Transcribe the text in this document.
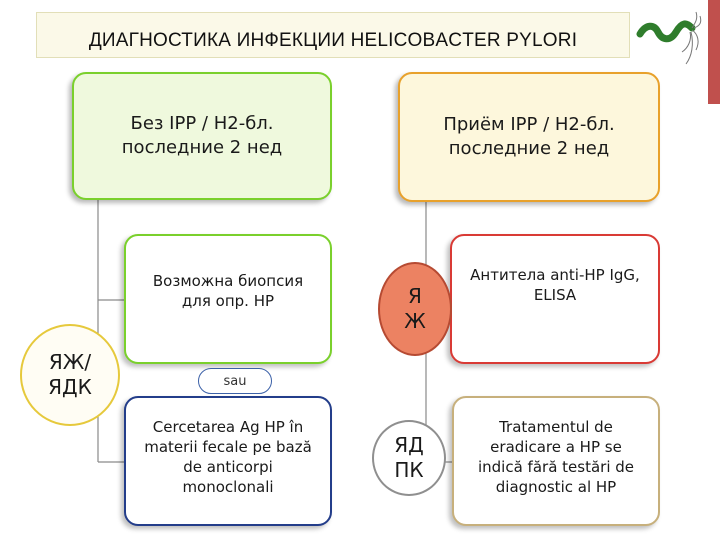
ДИАГНОСТИКА ИНФЕКЦИИ HELICOBACTER PYLORI
Без IPP / H2-бл.
последние 2 нед
Приём IPP / H2-бл.
последние 2 нед
Возможна биопсия
для опр. HP
Антитела anti-HP IgG,
ELISA
Cercetarea Ag HP în
materii fecale pe bază
de anticorpi
monoclonali
Tratamentul de
eradicare a HP se
indică fără testări de
diagnostic al HP
sau
ЯЖ/
ЯДК
Я
Ж
ЯД
ПК
